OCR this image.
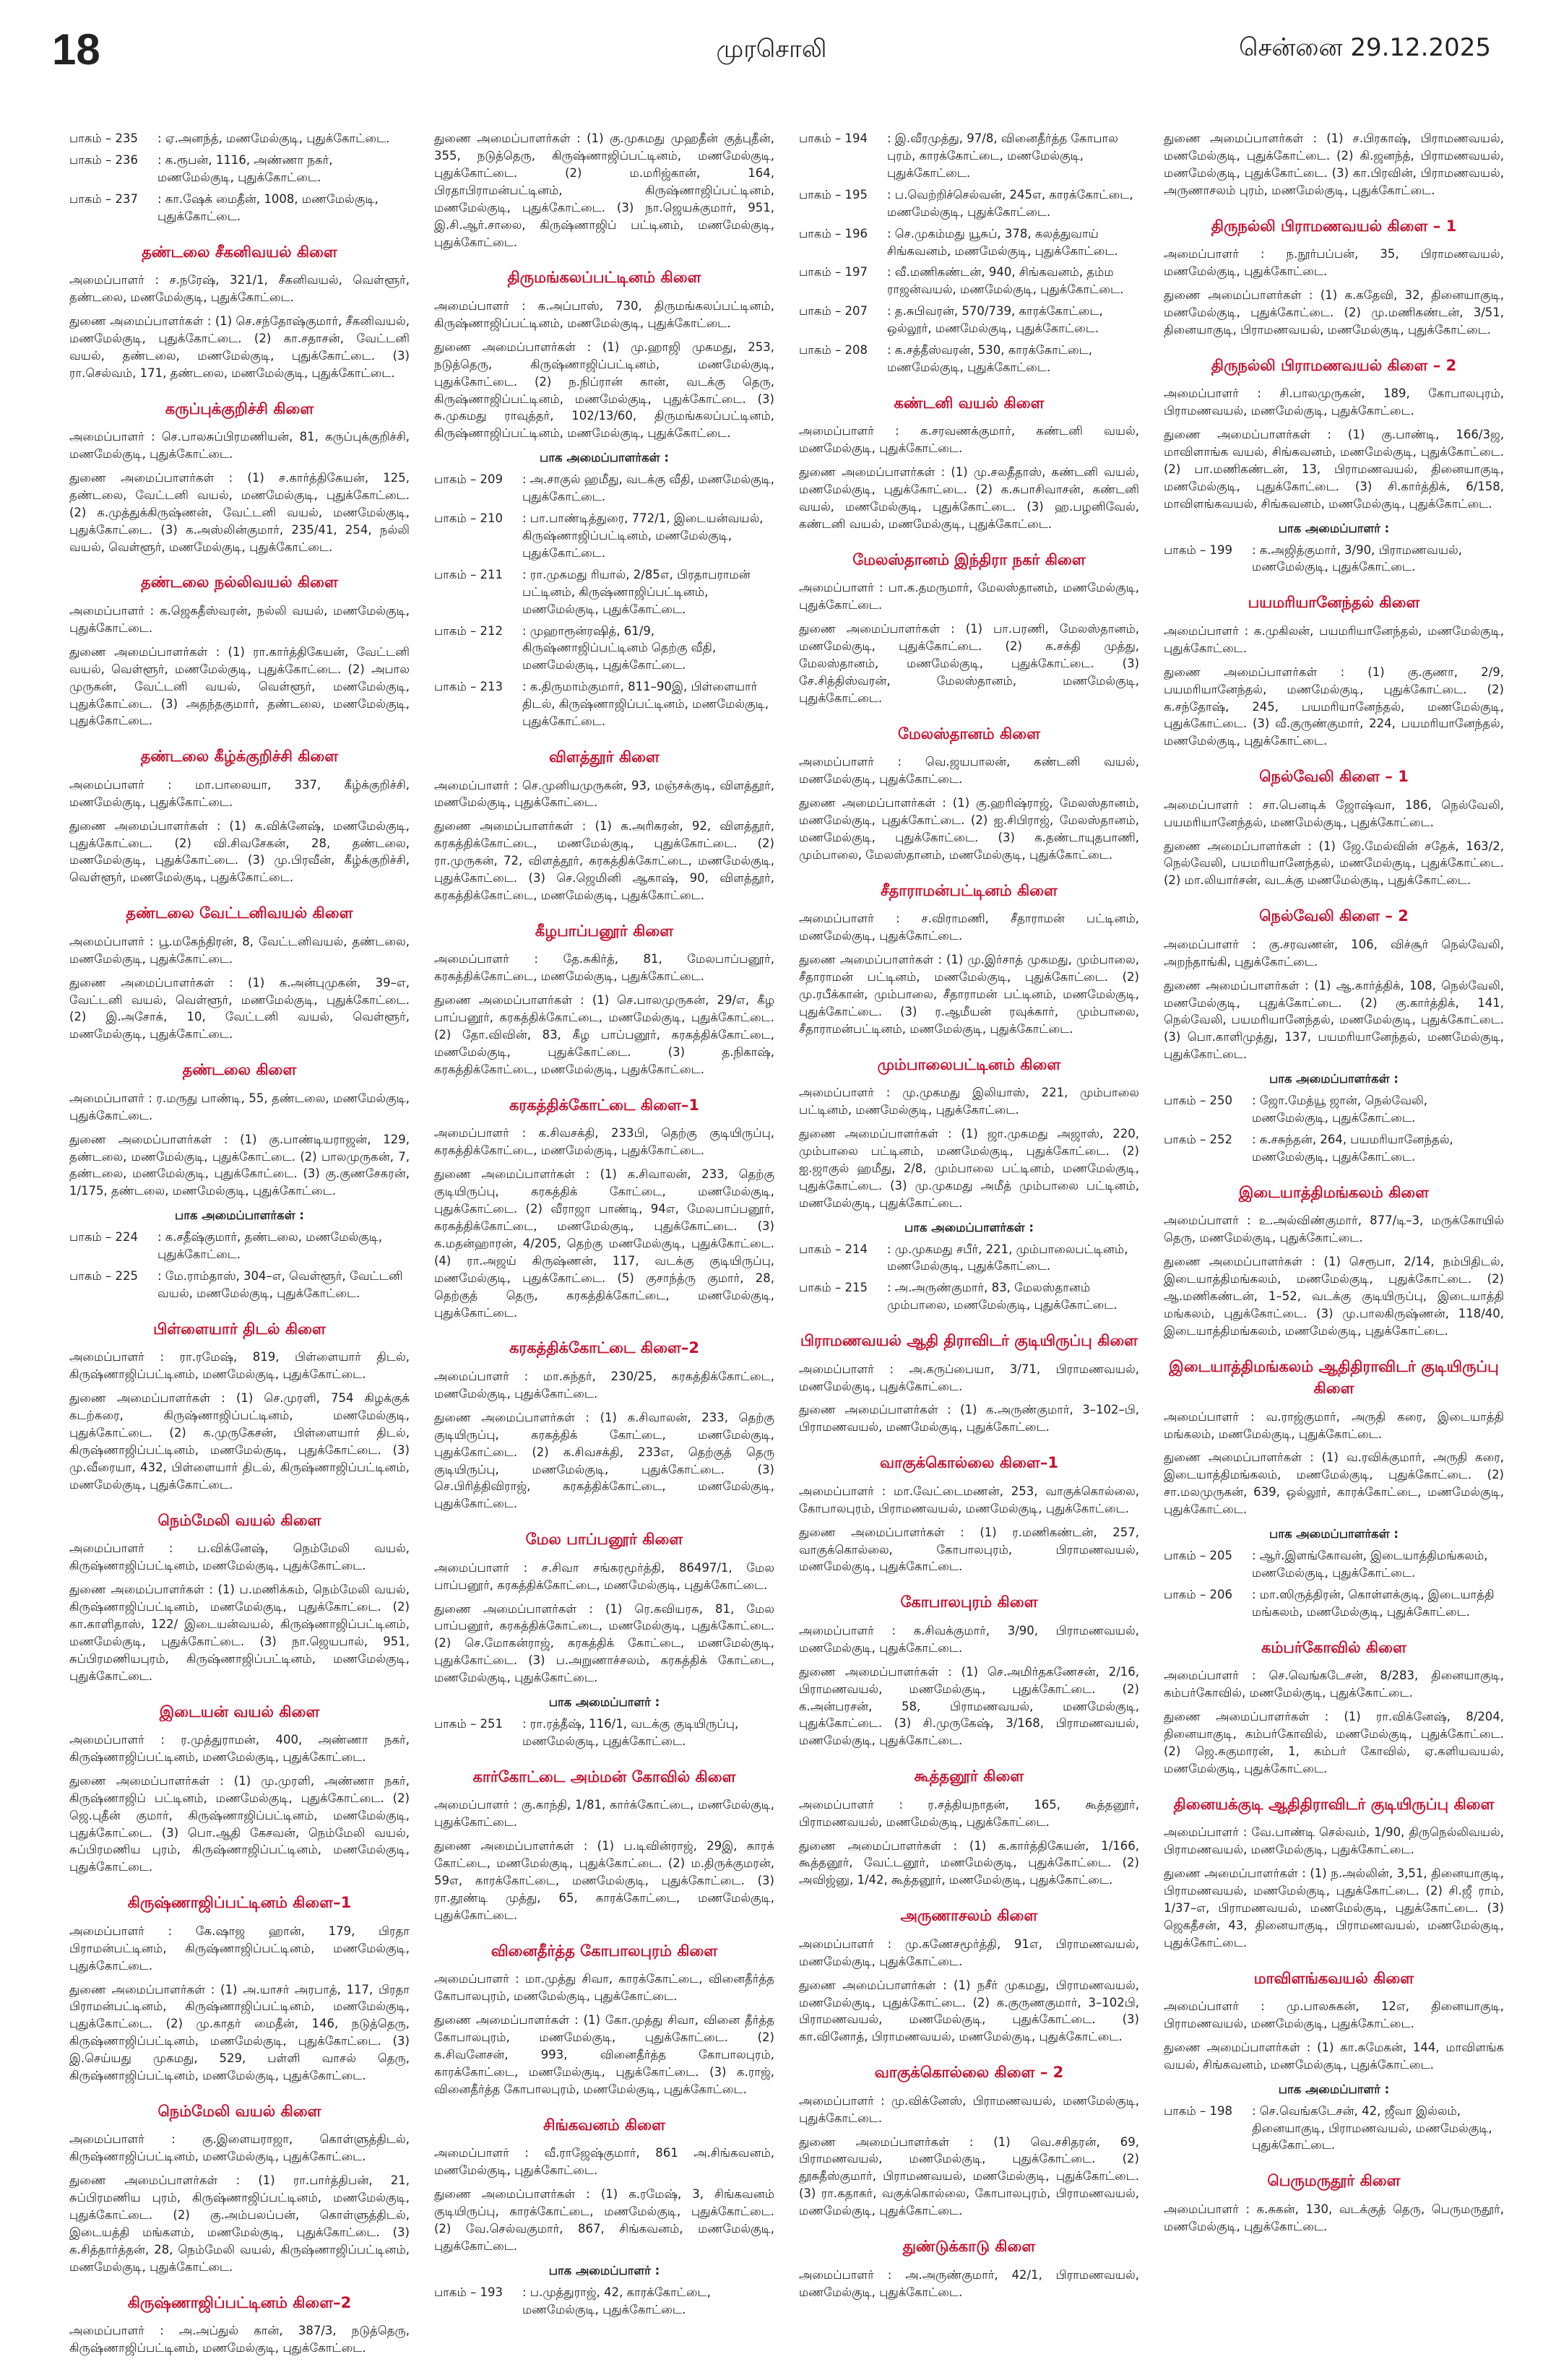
18	முரசொலி	சென்னை 29.12.2025
பாகம் – 235	: ஏ.அனந்த், மணமேல்குடி, புதுக்கோட்டை.
பாகம் – 236	: க.ரூபன், 1116, அண்ணா நகர், மணமேல்குடி, புதுக்கோட்டை.
பாகம் – 237	: கா.ஷேக் மைதீன், 1008, மணமேல்குடி, புதுக்கோட்டை.
தண்டலை சீகனிவயல் கிளை

அமைப்பாளர் : ச.நரேஷ், 321/1, சீகனிவயல், வெள்ளூர், தண்டலை, மணமேல்குடி, புதுக்கோட்டை.

துணை அமைப்பாளர்கள் : (1) செ.சந்தோஷ்குமார், சீகனிவயல், மணமேல்குடி, புதுக்கோட்டை. (2) கா.சதாசன், வேட்டனி வயல், தண்டலை, மணமேல்குடி, புதுக்கோட்டை. (3) ரா.செல்வம், 171, தண்டலை, மணமேல்குடி, புதுக்கோட்டை.

கருப்புக்குறிச்சி கிளை

அமைப்பாளர் : செ.பாலசுப்பிரமணியன், 81, கருப்புக்குறிச்சி, மணமேல்குடி, புதுக்கோட்டை.

துணை அமைப்பாளர்கள் : (1) ச.கார்த்திகேயன், 125, தண்டலை, வேட்டனி வயல், மணமேல்குடி, புதுக்கோட்டை. (2) க.முத்துக்கிருஷ்ணன், வேட்டனி வயல், மணமேல்குடி, புதுக்கோட்டை. (3) க.அஸ்லின்குமார், 235/41, 254, நல்லி வயல், வெள்ளூர், மணமேல்குடி, புதுக்கோட்டை.

தண்டலை நல்லிவயல் கிளை

அமைப்பாளர் : க.ஜெகதீஸ்வரன், நல்லி வயல், மணமேல்குடி, புதுக்கோட்டை.

துணை அமைப்பாளர்கள் : (1) ரா.கார்த்திகேயன், வேட்டனி வயல், வெள்ளூர், மணமேல்குடி, புதுக்கோட்டை. (2) அபால முருகன், வேட்டனி வயல், வெள்ளூர், மணமேல்குடி, புதுக்கோட்டை. (3) அதந்தகுமார், தண்டலை, மணமேல்குடி, புதுக்கோட்டை.

தண்டலை கீழ்க்குறிச்சி கிளை

அமைப்பாளர் : மா.பாலையா, 337, கீழ்க்குறிச்சி, மணமேல்குடி, புதுக்கோட்டை.

துணை அமைப்பாளர்கள் : (1) க.விக்னேஷ், மணமேல்குடி, புதுக்கோட்டை. (2) வி.சிவசேகன், 28, தண்டலை, மணமேல்குடி, புதுக்கோட்டை. (3) மு.பிரவீன், கீழ்க்குறிச்சி, வெள்ளூர், மணமேல்குடி, புதுக்கோட்டை.

தண்டலை வேட்டனிவயல் கிளை

அமைப்பாளர் : பூ.மகேந்திரன், 8, வேட்டனிவயல், தண்டலை, மணமேல்குடி, புதுக்கோட்டை.

துணை அமைப்பாளர்கள் : (1) க.அன்புமுகன், 39–எ, வேட்டனி வயல், வெள்ளூர், மணமேல்குடி, புதுக்கோட்டை. (2) இ.அசோக், 10, வேட்டனி வயல், வெள்ளூர், மணமேல்குடி, புதுக்கோட்டை.

தண்டலை கிளை

அமைப்பாளர் : ர.மருது பாண்டி, 55, தண்டலை, மணமேல்குடி, புதுக்கோட்டை.

துணை அமைப்பாளர்கள் : (1) கு.பாண்டியராஜன், 129, தண்டலை, மணமேல்குடி, புதுக்கோட்டை. (2) பாலமுருகன், 7, தண்டலை, மணமேல்குடி, புதுக்கோட்டை. (3) கு.குணசேகரன், 1/175, தண்டலை, மணமேல்குடி, புதுக்கோட்டை.

பாக அமைப்பாளர்கள் :
பாகம் – 224	: க.சதீஷ்குமார், தண்டலை, மணமேல்குடி, புதுக்கோட்டை.
பாகம் – 225	: மே.ராம்தாஸ், 304–எ, வெள்ளூர், வேட்டனி வயல், மணமேல்குடி, புதுக்கோட்டை.
பிள்ளையார் திடல் கிளை

அமைப்பாளர் : ரா.ரமேஷ், 819, பிள்ளையார் திடல், கிருஷ்ணாஜிப்பட்டினம், மணமேல்குடி, புதுக்கோட்டை.

துணை அமைப்பாளர்கள் : (1) செ.முரளி, 754 கிழக்குக் கடற்கரை, கிருஷ்ணாஜிப்பட்டினம், மணமேல்குடி, புதுக்கோட்டை. (2) க.முருகேசன், பிள்ளையார் திடல், கிருஷ்ணாஜிப்பட்டினம், மணமேல்குடி, புதுக்கோட்டை. (3) மு.வீரையா, 432, பிள்ளையார் திடல், கிருஷ்ணாஜிப்பட்டினம், மணமேல்குடி, புதுக்கோட்டை.

நெம்மேலி வயல் கிளை

அமைப்பாளர் : ப.விக்னேஷ், நெம்மேலி வயல், கிருஷ்ணாஜிப்பட்டினம், மணமேல்குடி, புதுக்கோட்டை.

துணை அமைப்பாளர்கள் : (1) ப.மணிக்கம், நெம்மேலி வயல், கிருஷ்ணாஜிப்பட்டினம், மணமேல்குடி, புதுக்கோட்டை. (2) கா.காளிதாஸ், 122/ இடையன்வயல், கிருஷ்ணாஜிப்பட்டினம், மணமேல்குடி, புதுக்கோட்டை. (3) நா.ஜெயபால், 951, சுப்பிரமணியபுரம், கிருஷ்ணாஜிப்பட்டினம், மணமேல்குடி, புதுக்கோட்டை.

இடையன் வயல் கிளை

அமைப்பாளர் : ர.முத்துராமன், 400, அண்ணா நகர், கிருஷ்ணாஜிப்பட்டினம், மணமேல்குடி, புதுக்கோட்டை.

துணை அமைப்பாளர்கள் : (1) மு.முரளி, அண்ணா நகர், கிருஷ்ணாஜிப் பட்டினம், மணமேல்குடி, புதுக்கோட்டை. (2) ஜெ.புதீன் குமார், கிருஷ்ணாஜிப்பட்டினம், மணமேல்குடி, புதுக்கோட்டை. (3) பொ.ஆதி கேசவன், நெம்மேலி வயல், சுப்பிரமணிய புரம், கிருஷ்ணாஜிப்பட்டினம், மணமேல்குடி, புதுக்கோட்டை.

கிருஷ்ணாஜிப்பட்டினம் கிளை–1

அமைப்பாளர் : கே.ஷாஜ ஹான், 179, பிரதா பிராமன்பட்டினம், கிருஷ்ணாஜிப்பட்டினம், மணமேல்குடி, புதுக்கோட்டை.

துணை அமைப்பாளர்கள் : (1) அ.யாசர் அரபாத், 117, பிரதா பிராமன்பட்டினம், கிருஷ்ணாஜிப்பட்டினம், மணமேல்குடி, புதுக்கோட்டை. (2) மு.காதர் மைதீன், 146, நடுத்தெரு, கிருஷ்ணாஜிப்பட்டினம், மணமேல்குடி, புதுக்கோட்டை. (3) இ.செய்யது முகமது, 529, பள்ளி வாசல் தெரு, கிருஷ்ணாஜிப்பட்டினம், மணமேல்குடி, புதுக்கோட்டை.

நெம்மேலி வயல் கிளை

அமைப்பாளர் : கு.இளையராஜா, கொள்ளுத்திடல், கிருஷ்ணாஜிப்பட்டினம், மணமேல்குடி, புதுக்கோட்டை.

துணை அமைப்பாளர்கள் : (1) ரா.பார்த்திபன், 21, சுப்பிரமணிய புரம், கிருஷ்ணாஜிப்பட்டினம், மணமேல்குடி, புதுக்கோட்டை. (2) கு.அம்பலப்பன், கொள்ளுத்திடல், இடையத்தி மங்களம், மணமேல்குடி, புதுக்கோட்டை. (3) க.சித்தார்த்தன், 28, நெம்மேலி வயல், கிருஷ்ணாஜிப்பட்டினம், மணமேல்குடி, புதுக்கோட்டை.

கிருஷ்ணாஜிப்பட்டினம் கிளை–2

அமைப்பாளர் : அ.அப்துல் கான், 387/3, நடுத்தெரு, கிருஷ்ணாஜிப்பட்டினம், மணமேல்குடி, புதுக்கோட்டை.

துணை அமைப்பாளர்கள் : (1) கு.முகமது முஹதீன் குத்புதீன், 355, நடுத்தெரு, கிருஷ்ணாஜிப்பட்டினம், மணமேல்குடி, புதுக்கோட்டை. (2) ம.மரிஜ்கான், 164, பிரதாபிராமன்பட்டினம், கிருஷ்ணாஜிப்பட்டினம், மணமேல்குடி, புதுக்கோட்டை. (3) நா.ஜெயக்குமார், 951, இ.சி.ஆர்.சாலை, கிருஷ்ணாஜிப் பட்டினம், மணமேல்குடி, புதுக்கோட்டை.

திருமங்கலப்பட்டினம் கிளை

அமைப்பாளர் : க.அப்பாஸ், 730, திருமங்கலப்பட்டினம், கிருஷ்ணாஜிப்பட்டினம், மணமேல்குடி, புதுக்கோட்டை.

துணை அமைப்பாளர்கள் : (1) மு.ஹாஜி முகமது, 253, நடுத்தெரு, கிருஷ்ணாஜிப்பட்டினம், மணமேல்குடி, புதுக்கோட்டை. (2) ந.நிப்ரான் கான், வடக்கு தெரு, கிருஷ்ணாஜிப்பட்டினம், மணமேல்குடி, புதுக்கோட்டை. (3) சு.முகமது ராவுத்தர், 102/13/60, திருமங்கலப்பட்டினம், கிருஷ்ணாஜிப்பட்டினம், மணமேல்குடி, புதுக்கோட்டை.

பாக அமைப்பாளர்கள் :
பாகம் – 209	: அ.சாகுல் ஹமீது, வடக்கு வீதி, மணமேல்குடி, புதுக்கோட்டை.
பாகம் – 210	: பா.பாண்டித்துரை, 772/1, இடையன்வயல், கிருஷ்ணாஜிப்பட்டினம், மணமேல்குடி, புதுக்கோட்டை.
பாகம் – 211	: ரா.முகமது ரியால், 2/85எ, பிரதாபராமன் பட்டினம், கிருஷ்ணாஜிப்பட்டினம், மணமேல்குடி, புதுக்கோட்டை.
பாகம் – 212	: முஹாரூன்ரஷித், 61/9, கிருஷ்ணாஜிப்பட்டினம் தெற்கு வீதி, மணமேல்குடி, புதுக்கோட்டை.
பாகம் – 213	: க.திருமாம்குமார், 811–90இ, பிள்ளையார் திடல், கிருஷ்ணாஜிப்பட்டினம், மணமேல்குடி, புதுக்கோட்டை.
விளத்தூர் கிளை

அமைப்பாளர் : செ.முனியமுருகன், 93, மஞ்சக்குடி, விளத்தூர், மணமேல்குடி, புதுக்கோட்டை.

துணை அமைப்பாளர்கள் : (1) க.அரிகரன், 92, விளத்தூர், கரகத்திக்கோட்டை, மணமேல்குடி, புதுக்கோட்டை. (2) ரா.முருகன், 72, விளத்தூர், கரகத்திக்கோட்டை, மணமேல்குடி, புதுக்கோட்டை. (3) செ.ஜெமினி ஆகாஷ், 90, விளத்தூர், கரகத்திக்கோட்டை, மணமேல்குடி, புதுக்கோட்டை.

கீழபாப்பனூர் கிளை

அமைப்பாளர் : தே.சுகிர்த், 81, மேலபாப்பனூர், கரகத்திக்கோட்டை, மணமேல்குடி, புதுக்கோட்டை.

துணை அமைப்பாளர்கள் : (1) செ.பாலமுருகன், 29/எ, கீழ பாப்பனூர், கரகத்திக்கோட்டை, மணமேல்குடி, புதுக்கோட்டை. (2) தோ.விவின், 83, கீழ பாப்பனூர், கரகத்திக்கோட்டை, மணமேல்குடி, புதுக்கோட்டை. (3) த.நிகாஷ், கரகத்திக்கோட்டை, மணமேல்குடி, புதுக்கோட்டை.

கரகத்திக்கோட்டை கிளை–1

அமைப்பாளர் : க.சிவசக்தி, 233பி, தெற்கு குடியிருப்பு, கரகத்திக்கோட்டை, மணமேல்குடி, புதுக்கோட்டை.

துணை அமைப்பாளர்கள் : (1) க.சிவாலன், 233, தெற்கு குடியிருப்பு, கரகத்திக் கோட்டை, மணமேல்குடி, புதுக்கோட்டை. (2) வீராஜா பாண்டி, 94எ, மேலபாப்பனூர், கரகத்திக்கோட்டை, மணமேல்குடி, புதுக்கோட்டை. (3) க.மதன்ஹாரன், 4/205, தெற்கு மணமேல்குடி, புதுக்கோட்டை. (4) ரா.அஜய் கிருஷ்ணன், 117, வடக்கு குடியிருப்பு, மணமேல்குடி, புதுக்கோட்டை. (5) குசாந்த்ரு குமார், 28, தெற்குத் தெரு, கரகத்திக்கோட்டை, மணமேல்குடி, புதுக்கோட்டை.

கரகத்திக்கோட்டை கிளை–2

அமைப்பாளர் : மா.சுந்தர், 230/25, கரகத்திக்கோட்டை, மணமேல்குடி, புதுக்கோட்டை.

துணை அமைப்பாளர்கள் : (1) க.சிவாலன், 233, தெற்கு குடியிருப்பு, கரகத்திக் கோட்டை, மணமேல்குடி, புதுக்கோட்டை. (2) க.சிவசக்தி, 233எ, தெற்குத் தெரு குடியிருப்பு, மணமேல்குடி, புதுக்கோட்டை. (3) செ.பிரித்திவிராஜ், கரகத்திக்கோட்டை, மணமேல்குடி, புதுக்கோட்டை.

மேல பாப்பனூர் கிளை

அமைப்பாளர் : ச.சிவா சங்கரமூர்த்தி, 86497/1, மேல பாப்பனூர், கரகத்திக்கோட்டை, மணமேல்குடி, புதுக்கோட்டை.

துணை அமைப்பாளர்கள் : (1) ரெ.கவியரசு, 81, மேல பாப்பனூர், கரகத்திக்கோட்டை, மணமேல்குடி, புதுக்கோட்டை. (2) செ.மோகன்ராஜ், கரகத்திக் கோட்டை, மணமேல்குடி, புதுக்கோட்டை. (3) ப.அறுணாச்சலம், கரகத்திக் கோட்டை, மணமேல்குடி, புதுக்கோட்டை.

பாக அமைப்பாளர் :
பாகம் – 251	: ரா.ரத்தீஷ், 116/1, வடக்கு குடியிருப்பு, மணமேல்குடி, புதுக்கோட்டை.
கார்கோட்டை அம்மன் கோவில் கிளை

அமைப்பாளர் : கு.காந்தி, 1/81, கார்க்கோட்டை, மணமேல்குடி, புதுக்கோட்டை.

துணை அமைப்பாளர்கள் : (1) ப.டிவின்ராஜ், 29இ, காரக் கோட்டை, மணமேல்குடி, புதுக்கோட்டை. (2) ம.திருக்குமரன், 59எ, காரக்கோட்டை, மணமேல்குடி, புதுக்கோட்டை. (3) ரா.தூண்டி முத்து, 65, காரக்கோட்டை, மணமேல்குடி, புதுக்கோட்டை.

வினைதீர்த்த கோபாலபுரம் கிளை

அமைப்பாளர் : மா.முத்து சிவா, காரக்கோட்டை, வினைதீர்த்த கோபாலபுரம், மணமேல்குடி, புதுக்கோட்டை.

துணை அமைப்பாளர்கள் : (1) கோ.முத்து சிவா, வினை தீர்த்த கோபாலபுரம், மணமேல்குடி, புதுக்கோட்டை. (2) க.சிவனேசன், 993, வினைதீர்த்த கோபாலபுரம், காரக்கோட்டை, மணமேல்குடி, புதுக்கோட்டை. (3) க.ராஜ், வினைதீர்த்த கோபாலபுரம், மணமேல்குடி, புதுக்கோட்டை.

சிங்கவனம் கிளை

அமைப்பாளர் : வீ.ராஜேஷ்குமார், 861 அ.சிங்கவனம், மணமேல்குடி, புதுக்கோட்டை.

துணை அமைப்பாளர்கள் : (1) க.ரமேஷ், 3, சிங்கவனம் குடியிருப்பு, காரக்கோட்டை, மணமேல்குடி, புதுக்கோட்டை. (2) வே.செல்வகுமார், 867, சிங்கவனம், மணமேல்குடி, புதுக்கோட்டை.

பாக அமைப்பாளர் :
பாகம் – 193	: ப.முத்துராஜ், 42, காரக்கோட்டை, மணமேல்குடி, புதுக்கோட்டை.
பாகம் – 194	: இ.வீரமுத்து, 97/8, வினைதீர்த்த கோபால புரம், காரக்கோட்டை, மணமேல்குடி, புதுக்கோட்டை.
பாகம் – 195	: ப.வெற்றிச்செல்வன், 245எ, காரக்கோட்டை, மணமேல்குடி, புதுக்கோட்டை.
பாகம் – 196	: செ.முகம்மது யூசுப், 378, கலத்துவாய் சிங்கவனம், மணமேல்குடி, புதுக்கோட்டை.
பாகம் – 197	: வீ.மணிகண்டன், 940, சிங்கவனம், தம்ம ராஜன்வயல், மணமேல்குடி, புதுக்கோட்டை.
பாகம் – 207	: த.சுபிவரன், 570/739, காரக்கோட்டை, ஒல்லூர், மணமேல்குடி, புதுக்கோட்டை.
பாகம் – 208	: க.சத்தீஸ்வரன், 530, காரக்கோட்டை, மணமேல்குடி, புதுக்கோட்டை.
கண்டனி வயல் கிளை

அமைப்பாளர் : க.சரவணக்குமார், கண்டனி வயல், மணமேல்குடி, புதுக்கோட்டை.

துணை அமைப்பாளர்கள் : (1) மு.சலதீதாஸ், கண்டனி வயல், மணமேல்குடி, புதுக்கோட்டை. (2) க.சுபாசிவாசன், கண்டனி வயல், மணமேல்குடி, புதுக்கோட்டை. (3) ஹ.பழனிவேல், கண்டனி வயல், மணமேல்குடி, புதுக்கோட்டை.

மேலஸ்தானம் இந்திரா நகர் கிளை

அமைப்பாளர் : பா.க.தமருமார், மேலஸ்தானம், மணமேல்குடி, புதுக்கோட்டை.

துணை அமைப்பாளர்கள் : (1) பா.பரணி, மேலஸ்தானம், மணமேல்குடி, புதுக்கோட்டை. (2) க.சக்தி முத்து, மேலஸ்தானம், மணமேல்குடி, புதுக்கோட்டை. (3) சே.சித்திஸ்வரன், மேலஸ்தானம், மணமேல்குடி, புதுக்கோட்டை.

மேலஸ்தானம் கிளை

அமைப்பாளர் : வெ.ஜயபாலன், கண்டனி வயல், மணமேல்குடி, புதுக்கோட்டை.

துணை அமைப்பாளர்கள் : (1) கு.ஹரிஷ்ராஜ், மேலஸ்தானம், மணமேல்குடி, புதுக்கோட்டை. (2) ஐ.சிபிராஜ், மேலஸ்தானம், மணமேல்குடி, புதுக்கோட்டை. (3) க.தண்டாயுதபாணி, மும்பாலை, மேலஸ்தானம், மணமேல்குடி, புதுக்கோட்டை.

சீதாராமன்பட்டினம் கிளை

அமைப்பாளர் : ச.விராமணி, சீதாராமன் பட்டினம், மணமேல்குடி, புதுக்கோட்டை.

துணை அமைப்பாளர்கள் : (1) மு.இர்சாத் முகமது, மும்பாலை, சீதாராமன் பட்டினம், மணமேல்குடி, புதுக்கோட்டை. (2) மு.ரபீக்கான், மும்பாலை, சீதாராமன் பட்டினம், மணமேல்குடி, புதுக்கோட்டை. (3) ர.ஆமீயன் ரவுக்கார், மும்பாலை, சீதாராமன்பட்டினம், மணமேல்குடி, புதுக்கோட்டை.

மும்பாலைபட்டினம் கிளை

அமைப்பாளர் : மு.முகமது இலியாஸ், 221, மும்பாலை பட்டினம், மணமேல்குடி, புதுக்கோட்டை.

துணை அமைப்பாளர்கள் : (1) ஜா.முகமது அஜாஸ், 220, மும்பாலை பட்டினம், மணமேல்குடி, புதுக்கோட்டை. (2) ஐ.ஜாகுல் ஹமீது, 2/8, மும்பாலை பட்டினம், மணமேல்குடி, புதுக்கோட்டை. (3) மு.முகமது அமீத் மும்பாலை பட்டினம், மணமேல்குடி, புதுக்கோட்டை.

பாக அமைப்பாளர்கள் :
பாகம் – 214	: மு.முகமது சபீர், 221, மும்பாலைபட்டினம், மணமேல்குடி, புதுக்கோட்டை.
பாகம் – 215	: அ.அருண்குமார், 83, மேலஸ்தானம் மும்பாலை, மணமேல்குடி, புதுக்கோட்டை.
பிராமணவயல் ஆதி திராவிடர் குடியிருப்பு கிளை

அமைப்பாளர் : அ.கருப்பையா, 3/71, பிராமணவயல், மணமேல்குடி, புதுக்கோட்டை.

துணை அமைப்பாளர்கள் : (1) க.அருண்குமார், 3–102–பி, பிராமணவயல், மணமேல்குடி, புதுக்கோட்டை.

வாகுக்கொல்லை கிளை–1

அமைப்பாளர் : மா.வேட்டைமணன், 253, வாகுக்கொல்லை, கோபாலபுரம், பிராமணவயல், மணமேல்குடி, புதுக்கோட்டை.

துணை அமைப்பாளர்கள் : (1) ர.மணிகண்டன், 257, வாகுக்கொல்லை, கோபாலபுரம், பிராமணவயல், மணமேல்குடி, புதுக்கோட்டை.

கோபாலபுரம் கிளை

அமைப்பாளர் : க.சிவக்குமார், 3/90, பிராமணவயல், மணமேல்குடி, புதுக்கோட்டை.

துணை அமைப்பாளர்கள் : (1) செ.அமிர்தகணேசன், 2/16, பிராமணவயல், மணமேல்குடி, புதுக்கோட்டை. (2) க.அன்பரசன், 58, பிராமணவயல், மணமேல்குடி, புதுக்கோட்டை. (3) சி.முருகேஷ், 3/168, பிராமணவயல், மணமேல்குடி, புதுக்கோட்டை.

கூத்தனூர் கிளை

அமைப்பாளர் : ர.சத்தியநாதன், 165, கூத்தனூர், பிராமணவயல், மணமேல்குடி, புதுக்கோட்டை.

துணை அமைப்பாளர்கள் : (1) க.கார்த்திகேயன், 1/166, கூத்தனூர், வேட்டனூர், மணமேல்குடி, புதுக்கோட்டை. (2) அவிஜ்னு, 1/42, கூத்தனூர், மணமேல்குடி, புதுக்கோட்டை.

அருணாசலம் கிளை

அமைப்பாளர் : மு.கணேசமூர்த்தி, 91எ, பிராமணவயல், மணமேல்குடி, புதுக்கோட்டை.

துணை அமைப்பாளர்கள் : (1) நசீர் முகமது, பிராமணவயல், மணமேல்குடி, புதுக்கோட்டை. (2) க.குருணகுமார், 3–102பி, பிராமணவயல், மணமேல்குடி, புதுக்கோட்டை. (3) கா.வினோத், பிராமணவயல், மணமேல்குடி, புதுக்கோட்டை.

வாகுக்கொல்லை கிளை – 2

அமைப்பாளர் : மு.விக்னேஸ், பிராமணவயல், மணமேல்குடி, புதுக்கோட்டை.

துணை அமைப்பாளர்கள் : (1) வெ.சசிதரன், 69, பிராமணவயல், மணமேல்குடி, புதுக்கோட்டை. (2) தூசுதீஸ்குமார், பிராமணவயல், மணமேல்குடி, புதுக்கோட்டை. (3) ரா.கதாகர், வகுக்கொல்லை, கோபாலபுரம், பிராமணவயல், மணமேல்குடி, புதுக்கோட்டை.

துண்டுக்காடு கிளை

அமைப்பாளர் : அ.அருண்குமார், 42/1, பிராமணவயல், மணமேல்குடி, புதுக்கோட்டை.

துணை அமைப்பாளர்கள் : (1) ச.பிரகாஷ், பிராமணவயல், மணமேல்குடி, புதுக்கோட்டை. (2) கி.ஜனந்த், பிராமணவயல், மணமேல்குடி, புதுக்கோட்டை. (3) கா.பிரவின், பிராமணவயல், அருணாசலம் புரம், மணமேல்குடி, புதுக்கோட்டை.

திருநல்லி பிராமணவயல் கிளை – 1

அமைப்பாளர் : ந.நூர்பப்பன், 35, பிராமணவயல், மணமேல்குடி, புதுக்கோட்டை.

துணை அமைப்பாளர்கள் : (1) க.கதேவி, 32, தினையாகுடி, மணமேல்குடி, புதுக்கோட்டை. (2) மு.மணிகண்டன், 3/51, தினையாகுடி, பிராமணவயல், மணமேல்குடி, புதுக்கோட்டை.

திருநல்லி பிராமணவயல் கிளை – 2

அமைப்பாளர் : சி.பாலமுருகன், 189, கோபாலபுரம், பிராமணவயல், மணமேல்குடி, புதுக்கோட்டை.

துணை அமைப்பாளர்கள் : (1) கு.பாண்டி, 166/3ஜ, மாவிளாங்க வயல், சிங்கவனம், மணமேல்குடி, புதுக்கோட்டை. (2) பா.மணிகண்டன், 13, பிராமணவயல், தினையாகுடி, மணமேல்குடி, புதுக்கோட்டை. (3) சி.கார்த்திக், 6/158, மாவிளங்கவயல், சிங்கவனம், மணமேல்குடி, புதுக்கோட்டை.

பாக அமைப்பாளர் :
பாகம் – 199	: க.அஜித்குமார், 3/90, பிராமணவயல், மணமேல்குடி, புதுக்கோட்டை.
பயமரியானேந்தல் கிளை

அமைப்பாளர் : க.முகிலன், பயமரியானேந்தல், மணமேல்குடி, புதுக்கோட்டை.

துணை அமைப்பாளர்கள் : (1) கு.குணா, 2/9, பயமரியானேந்தல், மணமேல்குடி, புதுக்கோட்டை. (2) க.சந்தோஷ், 245, பயமரியானேந்தல், மணமேல்குடி, புதுக்கோட்டை. (3) வீ.குருண்குமார், 224, பயமரியானேந்தல், மணமேல்குடி, புதுக்கோட்டை.

நெல்வேலி கிளை – 1

அமைப்பாளர் : சா.பெனடிக் ஜோஷ்வா, 186, நெல்வேலி, பயமரியானேந்தல், மணமேல்குடி, புதுக்கோட்டை.

துணை அமைப்பாளர்கள் : (1) ஜே.மேல்வின் சதேக், 163/2, நெல்வேலி, பயமரியானேந்தல், மணமேல்குடி, புதுக்கோட்டை. (2) மா.லியார்சன், வடக்கு மணமேல்குடி, புதுக்கோட்டை.

நெல்வேலி கிளை – 2

அமைப்பாளர் : கு.சரவணன், 106, விச்சூர் நெல்வேலி, அறந்தாங்கி, புதுக்கோட்டை.

துணை அமைப்பாளர்கள் : (1) ஆ.கார்த்திக், 108, நெல்வேலி, மணமேல்குடி, புதுக்கோட்டை. (2) கு.கார்த்திக், 141, நெல்வேலி, பயமரியானேந்தல், மணமேல்குடி, புதுக்கோட்டை. (3) பொ.காளிமுத்து, 137, பயமரியானேந்தல், மணமேல்குடி, புதுக்கோட்டை.

பாக அமைப்பாளர்கள் :
பாகம் – 250	: ஜோ.மேத்யூ ஜான், நெல்வேலி, மணமேல்குடி, புதுக்கோட்டை.
பாகம் – 252	: க.சசுந்தன், 264, பயமரியானேந்தல், மணமேல்குடி, புதுக்கோட்டை.
இடையாத்திமங்கலம் கிளை

அமைப்பாளர் : உ.அல்விண்குமார், 877/டி–3, மருக்கோயில் தெரு, மணமேல்குடி, புதுக்கோட்டை.

துணை அமைப்பாளர்கள் : (1) செரூபா, 2/14, நம்பிதிடல், இடையாத்திமங்கலம், மணமேல்குடி, புதுக்கோட்டை. (2) ஆ.மணிகண்டன், 1–52, வடக்கு குடியிருப்பு, இடையாத்தி மங்கலம், புதுக்கோட்டை. (3) மு.பாலகிருஷ்ணன், 118/40, இடையாத்திமங்கலம், மணமேல்குடி, புதுக்கோட்டை.

இடையாத்திமங்கலம் ஆதிதிராவிடர் குடியிருப்பு கிளை

அமைப்பாளர் : வ.ராஜ்குமார், அருதி கரை, இடையாத்தி மங்கலம், மணமேல்குடி, புதுக்கோட்டை.

துணை அமைப்பாளர்கள் : (1) வ.ரவிக்குமார், அருதி கரை, இடையாத்திமங்கலம், மணமேல்குடி, புதுக்கோட்டை. (2) சா.மலமுருகன், 639, ஒல்லூர், காரக்கோட்டை, மணமேல்குடி, புதுக்கோட்டை.

பாக அமைப்பாளர்கள் :
பாகம் – 205	: ஆர்.இளங்கோவன், இடையாத்திமங்கலம், மணமேல்குடி, புதுக்கோட்டை.
பாகம் – 206	: மா.ஸிருத்திரன், கொள்ளக்குடி, இடையாத்தி மங்கலம், மணமேல்குடி, புதுக்கோட்டை.
கம்பர்கோவில் கிளை

அமைப்பாளர் : செ.வெங்கடேசன், 8/283, தினையாகுடி, கம்பர்கோவில், மணமேல்குடி, புதுக்கோட்டை.

துணை அமைப்பாளர்கள் : (1) ரா.விக்னேஷ், 8/204, தினையாகுடி, கம்பர்கோவில், மணமேல்குடி, புதுக்கோட்டை. (2) ஜெ.சுகுமாரன், 1, கம்பர் கோவில், ஏ.களியவயல், மணமேல்குடி, புதுக்கோட்டை.

தினையக்குடி ஆதிதிராவிடர் குடியிருப்பு கிளை

அமைப்பாளர் : வே.பாண்டி செல்வம், 1/90, திருநெல்லிவயல், பிராமணவயல், மணமேல்குடி, புதுக்கோட்டை.

துணை அமைப்பாளர்கள் : (1) ந.அல்லின், 3,51, தினையாகுடி, பிராமணவயல், மணமேல்குடி, புதுக்கோட்டை. (2) சி.ஜீ ராம், 1/37–எ, பிராமணவயல், மணமேல்குடி, புதுக்கோட்டை. (3) ஜெகதீசன், 43, தினையாகுடி, பிராமணவயல், மணமேல்குடி, புதுக்கோட்டை.

மாவிளங்கவயல் கிளை

அமைப்பாளர் : மு.பாலசுகன், 12எ, தினையாகுடி, பிராமணவயல், மணமேல்குடி, புதுக்கோட்டை.

துணை அமைப்பாளர்கள் : (1) கா.சுமேகன், 144, மாவிளங்க வயல், சிங்கவனம், மணமேல்குடி, புதுக்கோட்டை.

பாக அமைப்பாளர் :
பாகம் – 198	: செ.வெங்கடேசன், 42, ஜீவா இல்லம், தினையாகுடி, பிராமணவயல், மணமேல்குடி, புதுக்கோட்டை.
பெருமருதூர் கிளை

அமைப்பாளர் : க.சுகன், 130, வடக்குத் தெரு, பெருமருதூர், மணமேல்குடி, புதுக்கோட்டை.
